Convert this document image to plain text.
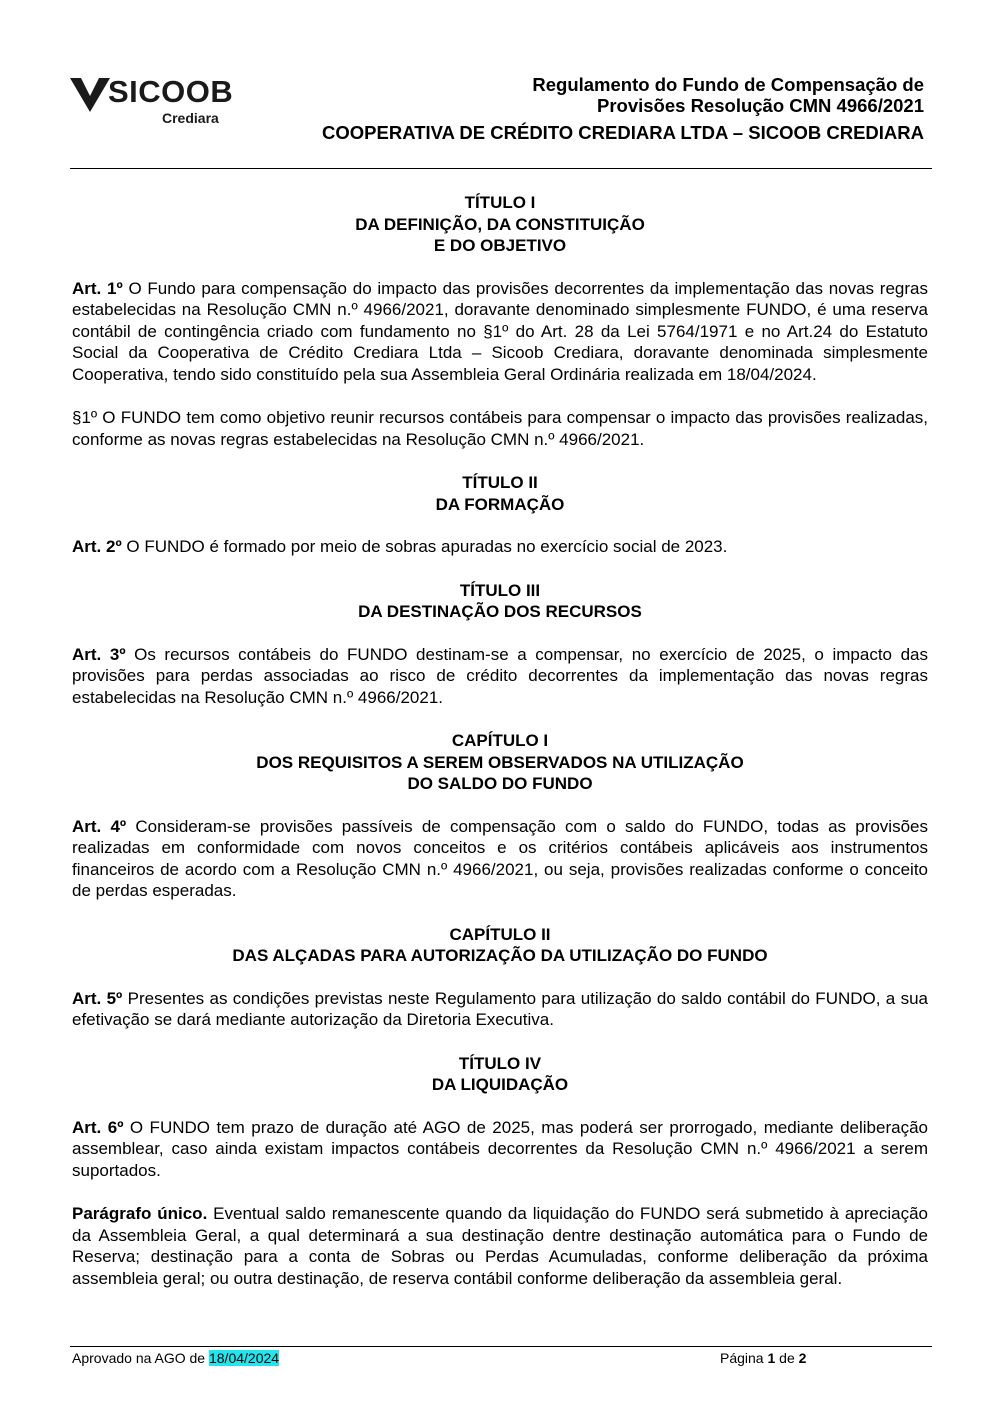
SICOOB
Crediara
Regulamento do Fundo de Compensação de
Provisões Resolução CMN 4966/2021
COOPERATIVA DE CRÉDITO CREDIARA LTDA – SICOOB CREDIARA
TÍTULO I
DA DEFINIÇÃO, DA CONSTITUIÇÃO
E DO OBJETIVO

Art. 1º O Fundo para compensação do impacto das provisões decorrentes da implementação das novas regras estabelecidas na Resolução CMN n.º 4966/2021, doravante denominado simplesmente FUNDO, é uma reserva contábil de contingência criado com fundamento no §1º do Art. 28 da Lei 5764/1971 e no Art.24 do Estatuto Social da Cooperativa de Crédito Crediara Ltda – Sicoob Crediara, doravante denominada simplesmente Cooperativa, tendo sido constituído pela sua Assembleia Geral Ordinária realizada em 18/04/2024.

§1º O FUNDO tem como objetivo reunir recursos contábeis para compensar o impacto das provisões realizadas, conforme as novas regras estabelecidas na Resolução CMN n.º 4966/2021.

TÍTULO II
DA FORMAÇÃO

Art. 2º O FUNDO é formado por meio de sobras apuradas no exercício social de 2023.

TÍTULO III
DA DESTINAÇÃO DOS RECURSOS

Art. 3º Os recursos contábeis do FUNDO destinam-se a compensar, no exercício de 2025, o impacto das provisões para perdas associadas ao risco de crédito decorrentes da implementação das novas regras estabelecidas na Resolução CMN n.º 4966/2021.

CAPÍTULO I
DOS REQUISITOS A SEREM OBSERVADOS NA UTILIZAÇÃO
DO SALDO DO FUNDO

Art. 4º Consideram-se provisões passíveis de compensação com o saldo do FUNDO, todas as provisões realizadas em conformidade com novos conceitos e os critérios contábeis aplicáveis aos instrumentos financeiros de acordo com a Resolução CMN n.º 4966/2021, ou seja, provisões realizadas conforme o conceito de perdas esperadas.

CAPÍTULO II
DAS ALÇADAS PARA AUTORIZAÇÃO DA UTILIZAÇÃO DO FUNDO

Art. 5º Presentes as condições previstas neste Regulamento para utilização do saldo contábil do FUNDO, a sua efetivação se dará mediante autorização da Diretoria Executiva.

TÍTULO IV
DA LIQUIDAÇÃO

Art. 6º O FUNDO tem prazo de duração até AGO de 2025, mas poderá ser prorrogado, mediante deliberação assemblear, caso ainda existam impactos contábeis decorrentes da Resolução CMN n.º 4966/2021 a serem suportados.

Parágrafo único. Eventual saldo remanescente quando da liquidação do FUNDO será submetido à apreciação da Assembleia Geral, a qual determinará a sua destinação dentre destinação automática para o Fundo de Reserva; destinação para a conta de Sobras ou Perdas Acumuladas, conforme deliberação da próxima assembleia geral; ou outra destinação, de reserva contábil conforme deliberação da assembleia geral.

Aprovado na AGO de 18/04/2024	Página 1 de 2
